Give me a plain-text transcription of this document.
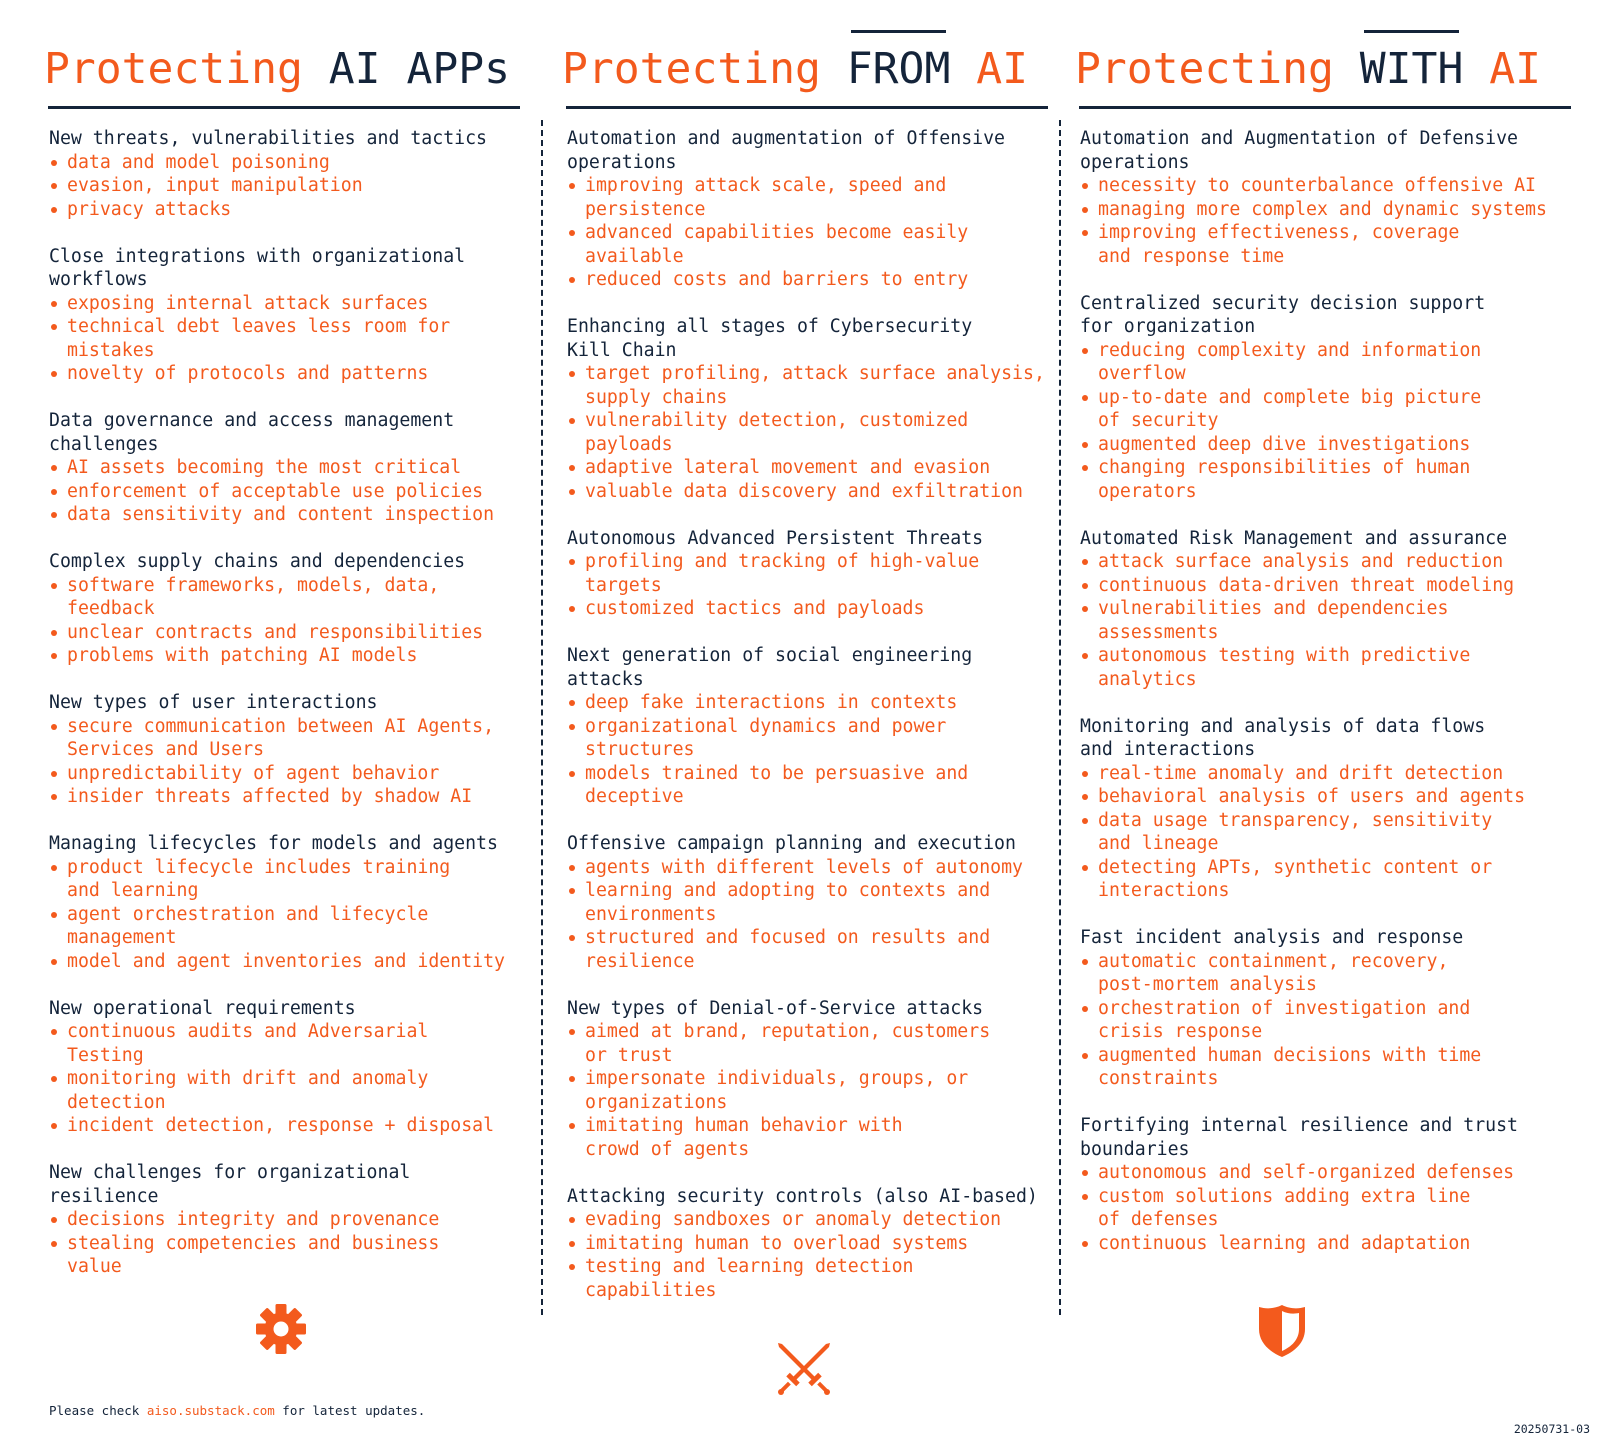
Protecting AI APPs
New threats, vulnerabilities and tactics
data and model poisoning
evasion, input manipulation
privacy attacks
Close integrations with organizational
workflows
exposing internal attack surfaces
technical debt leaves less room for
mistakes
novelty of protocols and patterns
Data governance and access management
challenges
AI assets becoming the most critical
enforcement of acceptable use policies
data sensitivity and content inspection
Complex supply chains and dependencies
software frameworks, models, data,
feedback
unclear contracts and responsibilities
problems with patching AI models
New types of user interactions
secure communication between AI Agents,
Services and Users
unpredictability of agent behavior
insider threats affected by shadow AI
Managing lifecycles for models and agents
product lifecycle includes training
and learning
agent orchestration and lifecycle
management
model and agent inventories and identity
New operational requirements
continuous audits and Adversarial
Testing
monitoring with drift and anomaly
detection
incident detection, response + disposal
New challenges for organizational
resilience
decisions integrity and provenance
stealing competencies and business
value
Protecting FROM AI
Automation and augmentation of Offensive
operations
improving attack scale, speed and
persistence
advanced capabilities become easily
available
reduced costs and barriers to entry
Enhancing all stages of Cybersecurity
Kill Chain
target profiling, attack surface analysis,
supply chains
vulnerability detection, customized
payloads
adaptive lateral movement and evasion
valuable data discovery and exfiltration
Autonomous Advanced Persistent Threats
profiling and tracking of high-value
targets
customized tactics and payloads
Next generation of social engineering
attacks
deep fake interactions in contexts
organizational dynamics and power
structures
models trained to be persuasive and
deceptive
Offensive campaign planning and execution
agents with different levels of autonomy
learning and adopting to contexts and
environments
structured and focused on results and
resilience
New types of Denial-of-Service attacks
aimed at brand, reputation, customers
or trust
impersonate individuals, groups, or
organizations
imitating human behavior with
crowd of agents
Attacking security controls (also AI-based)
evading sandboxes or anomaly detection
imitating human to overload systems
testing and learning detection
capabilities
Protecting WITH AI
Automation and Augmentation of Defensive
operations
necessity to counterbalance offensive AI
managing more complex and dynamic systems
improving effectiveness, coverage
and response time
Centralized security decision support
for organization
reducing complexity and information
overflow
up-to-date and complete big picture
of security
augmented deep dive investigations
changing responsibilities of human
operators
Automated Risk Management and assurance
attack surface analysis and reduction
continuous data-driven threat modeling
vulnerabilities and dependencies
assessments
autonomous testing with predictive
analytics
Monitoring and analysis of data flows
and interactions
real-time anomaly and drift detection
behavioral analysis of users and agents
data usage transparency, sensitivity
and lineage
detecting APTs, synthetic content or
interactions
Fast incident analysis and response
automatic containment, recovery,
post-mortem analysis
orchestration of investigation and
crisis response
augmented human decisions with time
constraints
Fortifying internal resilience and trust
boundaries
autonomous and self-organized defenses
custom solutions adding extra line
of defenses
continuous learning and adaptation
Please check aiso.substack.com for latest updates.
20250731-03
